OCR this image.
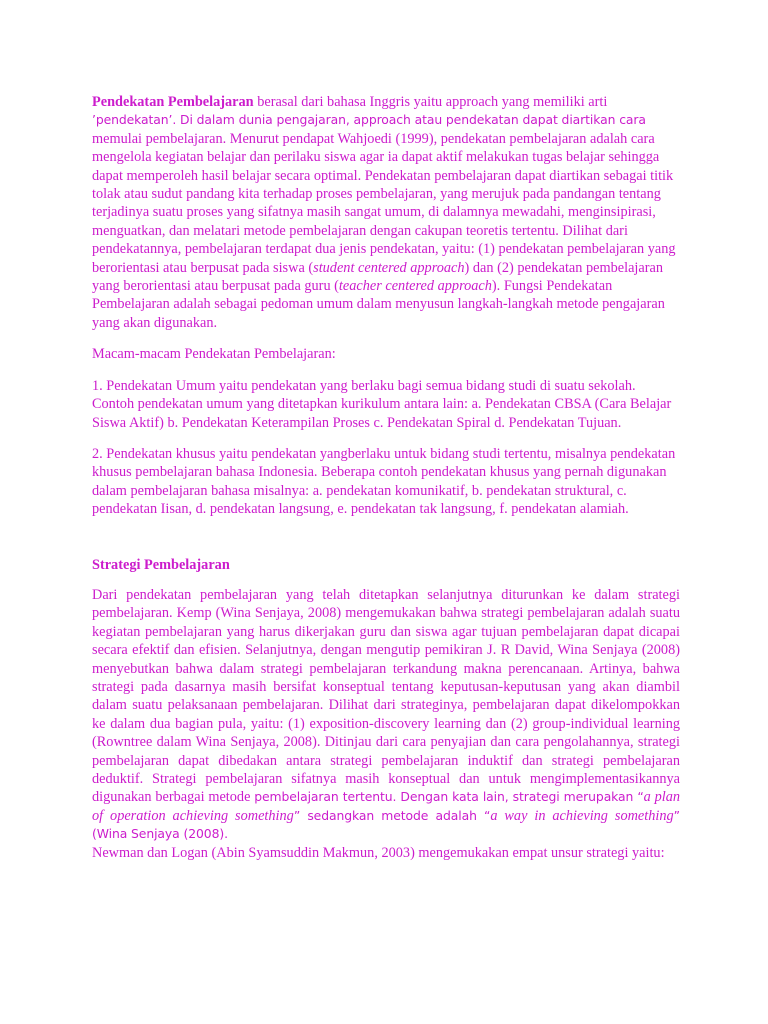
Pendekatan Pembelajaran berasal dari bahasa Inggris yaitu approach yang memiliki arti
’pendekatan’. Di dalam dunia pengajaran, approach atau pendekatan dapat diartikan cara memulai pembelajaran. Menurut pendapat Wahjoedi (1999), pendekatan pembelajaran adalah cara mengelola kegiatan belajar dan perilaku siswa agar ia dapat aktif melakukan tugas belajar sehingga dapat memperoleh hasil belajar secara optimal. Pendekatan pembelajaran dapat diartikan sebagai titik tolak atau sudut pandang kita terhadap proses pembelajaran, yang merujuk pada pandangan tentang terjadinya suatu proses yang sifatnya masih sangat umum, di dalamnya mewadahi, menginsipirasi, menguatkan, dan melatari metode pembelajaran dengan cakupan teoretis tertentu. Dilihat dari pendekatannya, pembelajaran terdapat dua jenis pendekatan, yaitu: (1) pendekatan pembelajaran yang berorientasi atau berpusat pada siswa (student centered approach) dan (2) pendekatan pembelajaran yang berorientasi atau berpusat pada guru (teacher centered approach). Fungsi Pendekatan Pembelajaran adalah sebagai pedoman umum dalam menyusun langkah-langkah metode pengajaran yang akan digunakan.

Macam-macam Pendekatan Pembelajaran:

1. Pendekatan Umum yaitu pendekatan yang berlaku bagi semua bidang studi di suatu sekolah. Contoh pendekatan umum yang ditetapkan kurikulum antara lain: a. Pendekatan CBSA (Cara Belajar Siswa Aktif) b. Pendekatan Keterampilan Proses c. Pendekatan Spiral d. Pendekatan Tujuan.

2. Pendekatan khusus yaitu pendekatan yangberlaku untuk bidang studi tertentu, misalnya pendekatan khusus pembelajaran bahasa Indonesia. Beberapa contoh pendekatan khusus yang pernah digunakan dalam pembelajaran bahasa misalnya: a. pendekatan komunikatif, b. pendekatan struktural, c. pendekatan Iisan, d. pendekatan langsung, e. pendekatan tak langsung, f. pendekatan alamiah.

Strategi Pembelajaran

Dari pendekatan pembelajaran yang telah ditetapkan selanjutnya diturunkan ke dalam strategi pembelajaran. Kemp (Wina Senjaya, 2008) mengemukakan bahwa strategi pembelajaran adalah suatu kegiatan pembelajaran yang harus dikerjakan guru dan siswa agar tujuan pembelajaran dapat dicapai secara efektif dan efisien. Selanjutnya, dengan mengutip pemikiran J. R David, Wina Senjaya (2008) menyebutkan bahwa dalam strategi pembelajaran terkandung makna perencanaan. Artinya, bahwa strategi pada dasarnya masih bersifat konseptual tentang keputusan-keputusan yang akan diambil dalam suatu pelaksanaan pembelajaran. Dilihat dari strateginya, pembelajaran dapat dikelompokkan ke dalam dua bagian pula, yaitu: (1) exposition-discovery learning dan (2) group-individual learning (Rowntree dalam Wina Senjaya, 2008). Ditinjau dari cara penyajian dan cara pengolahannya, strategi pembelajaran dapat dibedakan antara strategi pembelajaran induktif dan strategi pembelajaran deduktif. Strategi pembelajaran sifatnya masih konseptual dan untuk mengimplementasikannya digunakan berbagai metode pembelajaran tertentu. Dengan kata lain, strategi merupakan “a plan of operation achieving something” sedangkan metode adalah “a way in achieving something” (Wina Senjaya (2008).
Newman dan Logan (Abin Syamsuddin Makmun, 2003) mengemukakan empat unsur strategi yaitu:
